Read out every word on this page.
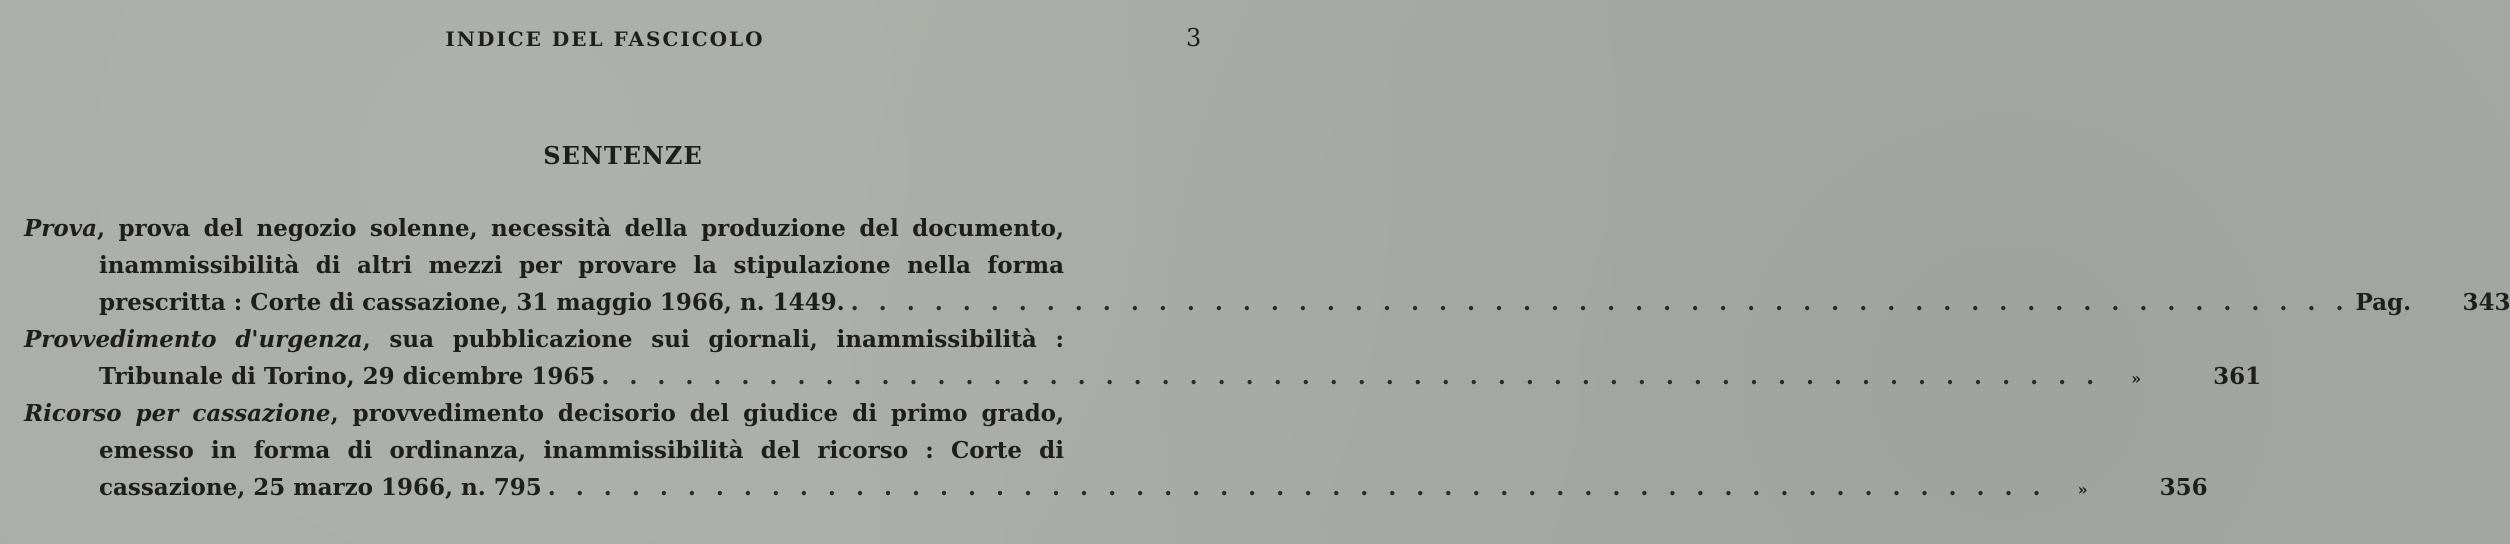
INDICE DEL FASCICOLO	3
SENTENZE
Prova, prova del negozio solenne, necessità della produzione del documento,
inammissibilità di altri mezzi per provare la stipulazione nella forma
prescritta : Corte di cassazione, 31 maggio 1966, n. 1449. . . . . . . . . . . . . . . . . . . . . . . . . . . . . . . . . . . . . . . . . . . . . . . . . . . . . . . Pag. 343
Provvedimento d'urgenza, sua pubblicazione sui giornali, inammissibilità :
Tribunale di Torino, 29 dicembre 1965 . . . . . . . . . . . . . . . . . . . . . . . . . . . . . . . . . . . . . . . . . . . . . . . . . . . . . .	»	361
Ricorso per cassazione, provvedimento decisorio del giudice di primo grado,
emesso in forma di ordinanza, inammissibilità del ricorso : Corte di
cassazione, 25 marzo 1966, n. 795 . . . . . . . . . . . . . . . . . . . . . . . . . . . . . . . . . . . . . . . . . . . . . . . . . . . . . .	»	356
